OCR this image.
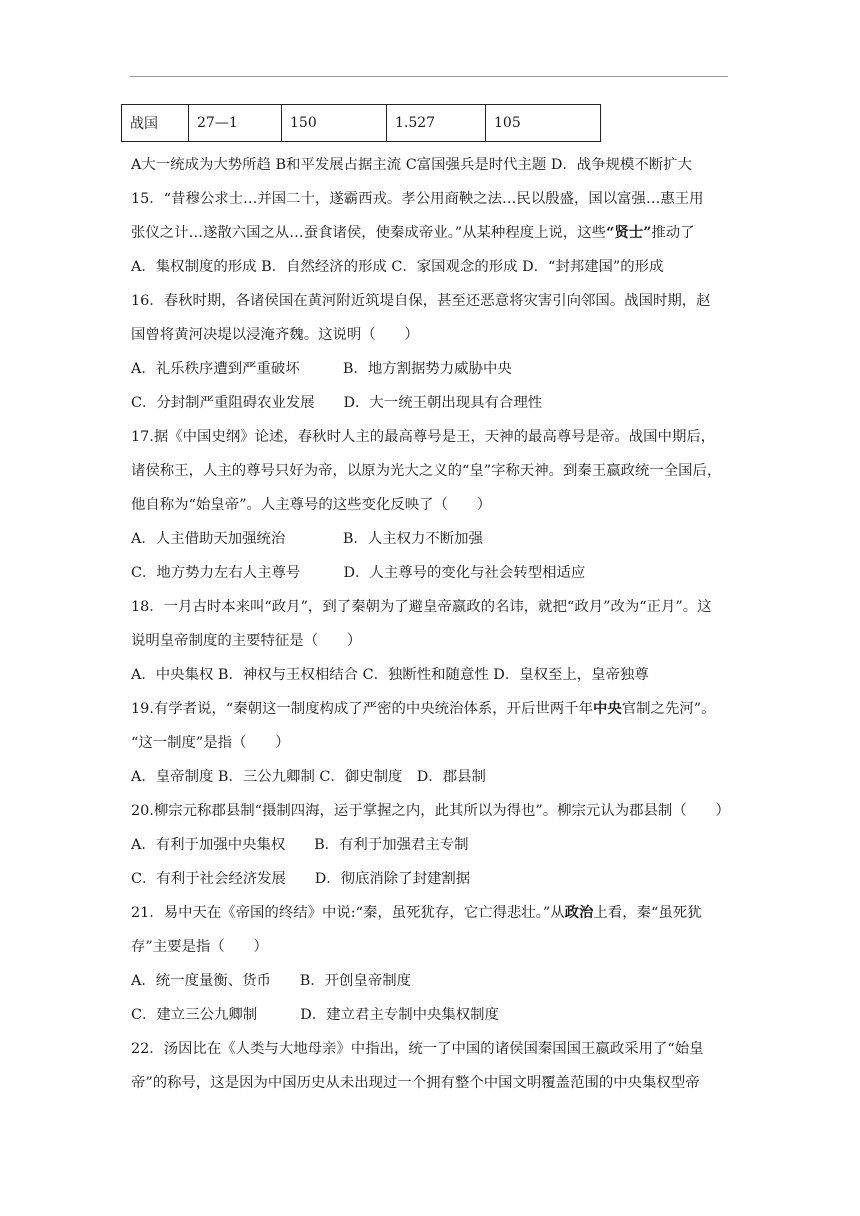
战国	27—1	150	1.527	105
A大一统成为大势所趋 B和平发展占据主流 C富国强兵是时代主题 D．战争规模不断扩大
15．“昔穆公求士…并国二十，遂霸西戎。孝公用商鞅之法…民以殷盛，国以富强…惠王用
张仪之计…遂散六国之从…蚕食诸侯，使秦成帝业。”从某种程度上说，这些“贤士”推动了
A．集权制度的形成 B．自然经济的形成 C．家国观念的形成 D．“封邦建国”的形成
16．春秋时期，各诸侯国在黄河附近筑堤自保，甚至还恶意将灾害引向邻国。战国时期，赵
国曾将黄河决堤以浸淹齐魏。这说明（　　）
A．礼乐秩序遭到严重破坏　　　B．地方割据势力威胁中央
C．分封制严重阻碍农业发展　　D．大一统王朝出现具有合理性
17.据《中国史纲》论述，春秋时人主的最高尊号是王，天神的最高尊号是帝。战国中期后，
诸侯称王，人主的尊号只好为帝，以原为光大之义的“皇”字称天神。到秦王嬴政统一全国后，
他自称为“始皇帝”。人主尊号的这些变化反映了（　　）
A．人主借助天加强统治　　　　B．人主权力不断加强
C．地方势力左右人主尊号　　　D．人主尊号的变化与社会转型相适应
18．一月古时本来叫“政月”，到了秦朝为了避皇帝嬴政的名讳，就把“政月”改为“正月”。这
说明皇帝制度的主要特征是（　　）
A．中央集权 B．神权与王权相结合 C．独断性和随意性 D．皇权至上，皇帝独尊
19.有学者说，“秦朝这一制度构成了严密的中央统治体系，开后世两千年中央官制之先河”。
“这一制度”是指（　　）
A．皇帝制度 B．三公九卿制 C．御史制度　D．郡县制
20.柳宗元称郡县制“摄制四海，运于掌握之内，此其所以为得也”。柳宗元认为郡县制（　　）
A．有利于加强中央集权　　B．有利于加强君主专制
C．有利于社会经济发展　　D．彻底消除了封建割据
21．易中天在《帝国的终结》中说:“秦，虽死犹存，它亡得悲壮。”从政治上看，秦“虽死犹
存”主要是指（　　）
A．统一度量衡、货币　　B．开创皇帝制度
C．建立三公九卿制　　　D．建立君主专制中央集权制度
22．汤因比在《人类与大地母亲》中指出，统一了中国的诸侯国秦国国王嬴政采用了“始皇
帝”的称号，这是因为中国历史从未出现过一个拥有整个中国文明覆盖范围的中央集权型帝
